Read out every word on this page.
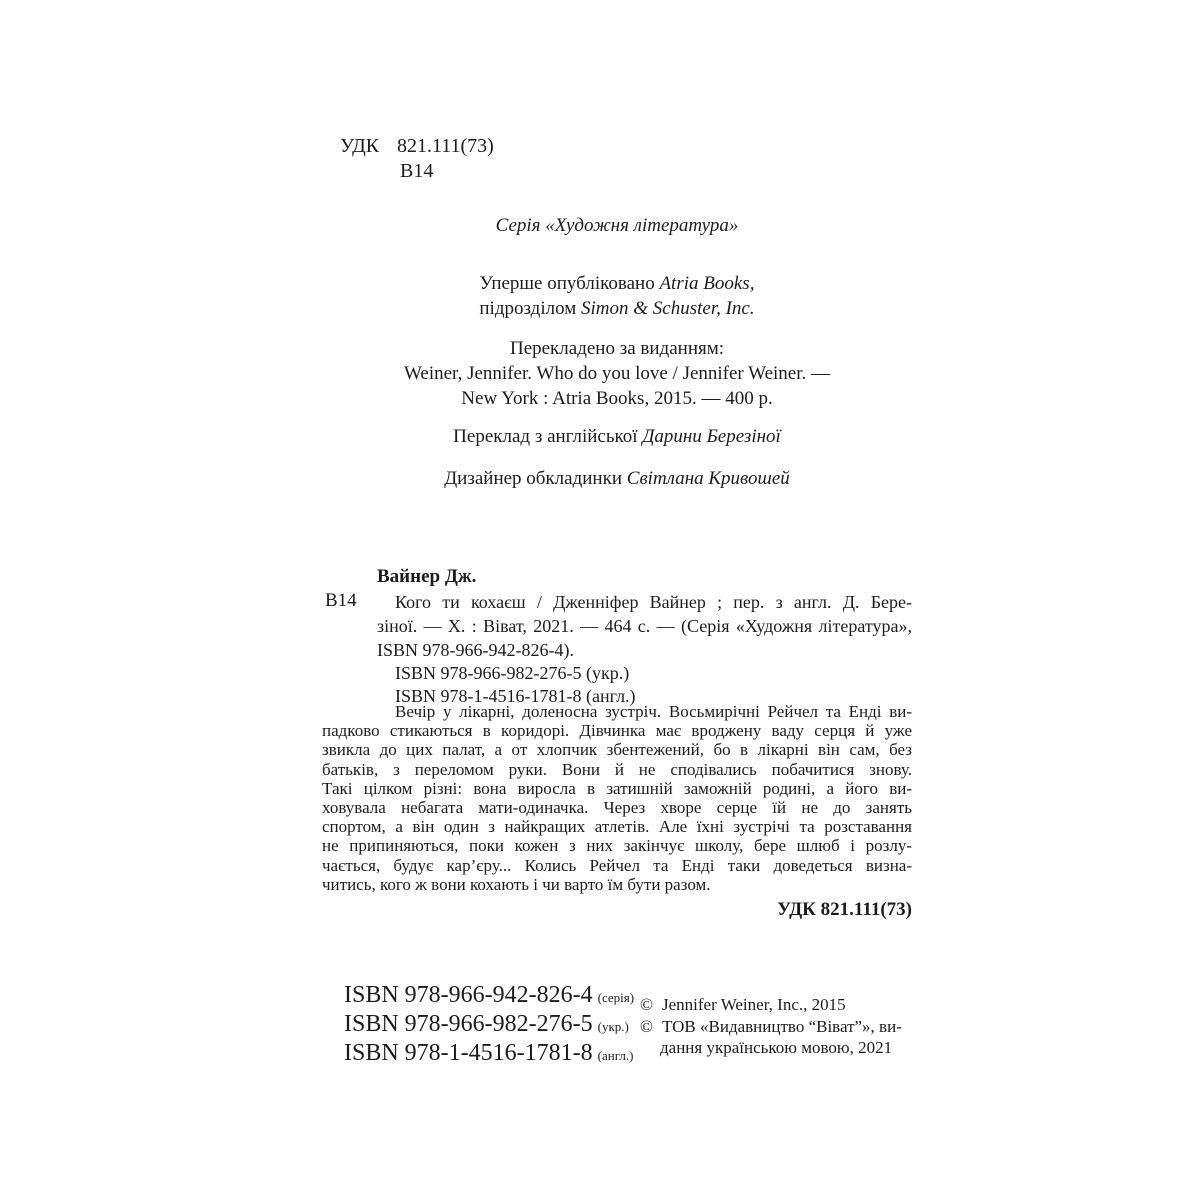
УДК 821.111(73)
В14
Серія «Художня література»
Уперше опубліковано Atria Books,
підрозділом Simon & Schuster, Inc.
Перекладено за виданням:
Weiner, Jennifer. Who do you love / Jennifer Weiner. —
New York : Atria Books, 2015. — 400 p.
Переклад з англійської Дарини Березіної
Дизайнер обкладинки Світлана Кривошей
Вайнер Дж.
В14	Кого ти кохаєш / Дженніфер Вайнер ; пер. з англ. Д. Бере-
зіної. — Х. : Віват, 2021. — 464 с. — (Серія «Художня література»,
ISBN 978-966-942-826-4).
ISBN 978-966-982-276-5 (укр.)
ISBN 978-1-4516-1781-8 (англ.)
Вечір у лікарні, доленосна зустріч. Восьмирічні Рейчел та Енді ви-
падково стикаються в коридорі. Дівчинка має вроджену ваду серця й уже
звикла до цих палат, а от хлопчик збентежений, бо в лікарні він сам, без
батьків, з переломом руки. Вони й не сподівались побачитися знову.
Такі цілком різні: вона виросла в затишній заможній родині, а його ви-
ховувала небагата мати-одиначка. Через хворе серце їй не до занять
спортом, а він один з найкращих атлетів. Але їхні зустрічі та розставання
не припиняються, поки кожен з них закінчує школу, бере шлюб і розлу-
чається, будує кар’єру... Колись Рейчел та Енді таки доведеться визна-
читись, кого ж вони кохають і чи варто їм бути разом.
УДК 821.111(73)
ISBN 978-966-942-826-4 (серія)
ISBN 978-966-982-276-5 (укр.)
ISBN 978-1-4516-1781-8 (англ.)
© Jennifer Weiner, Inc., 2015
© ТОВ «Видавництво “Віват”», ви-
дання українською мовою, 2021
